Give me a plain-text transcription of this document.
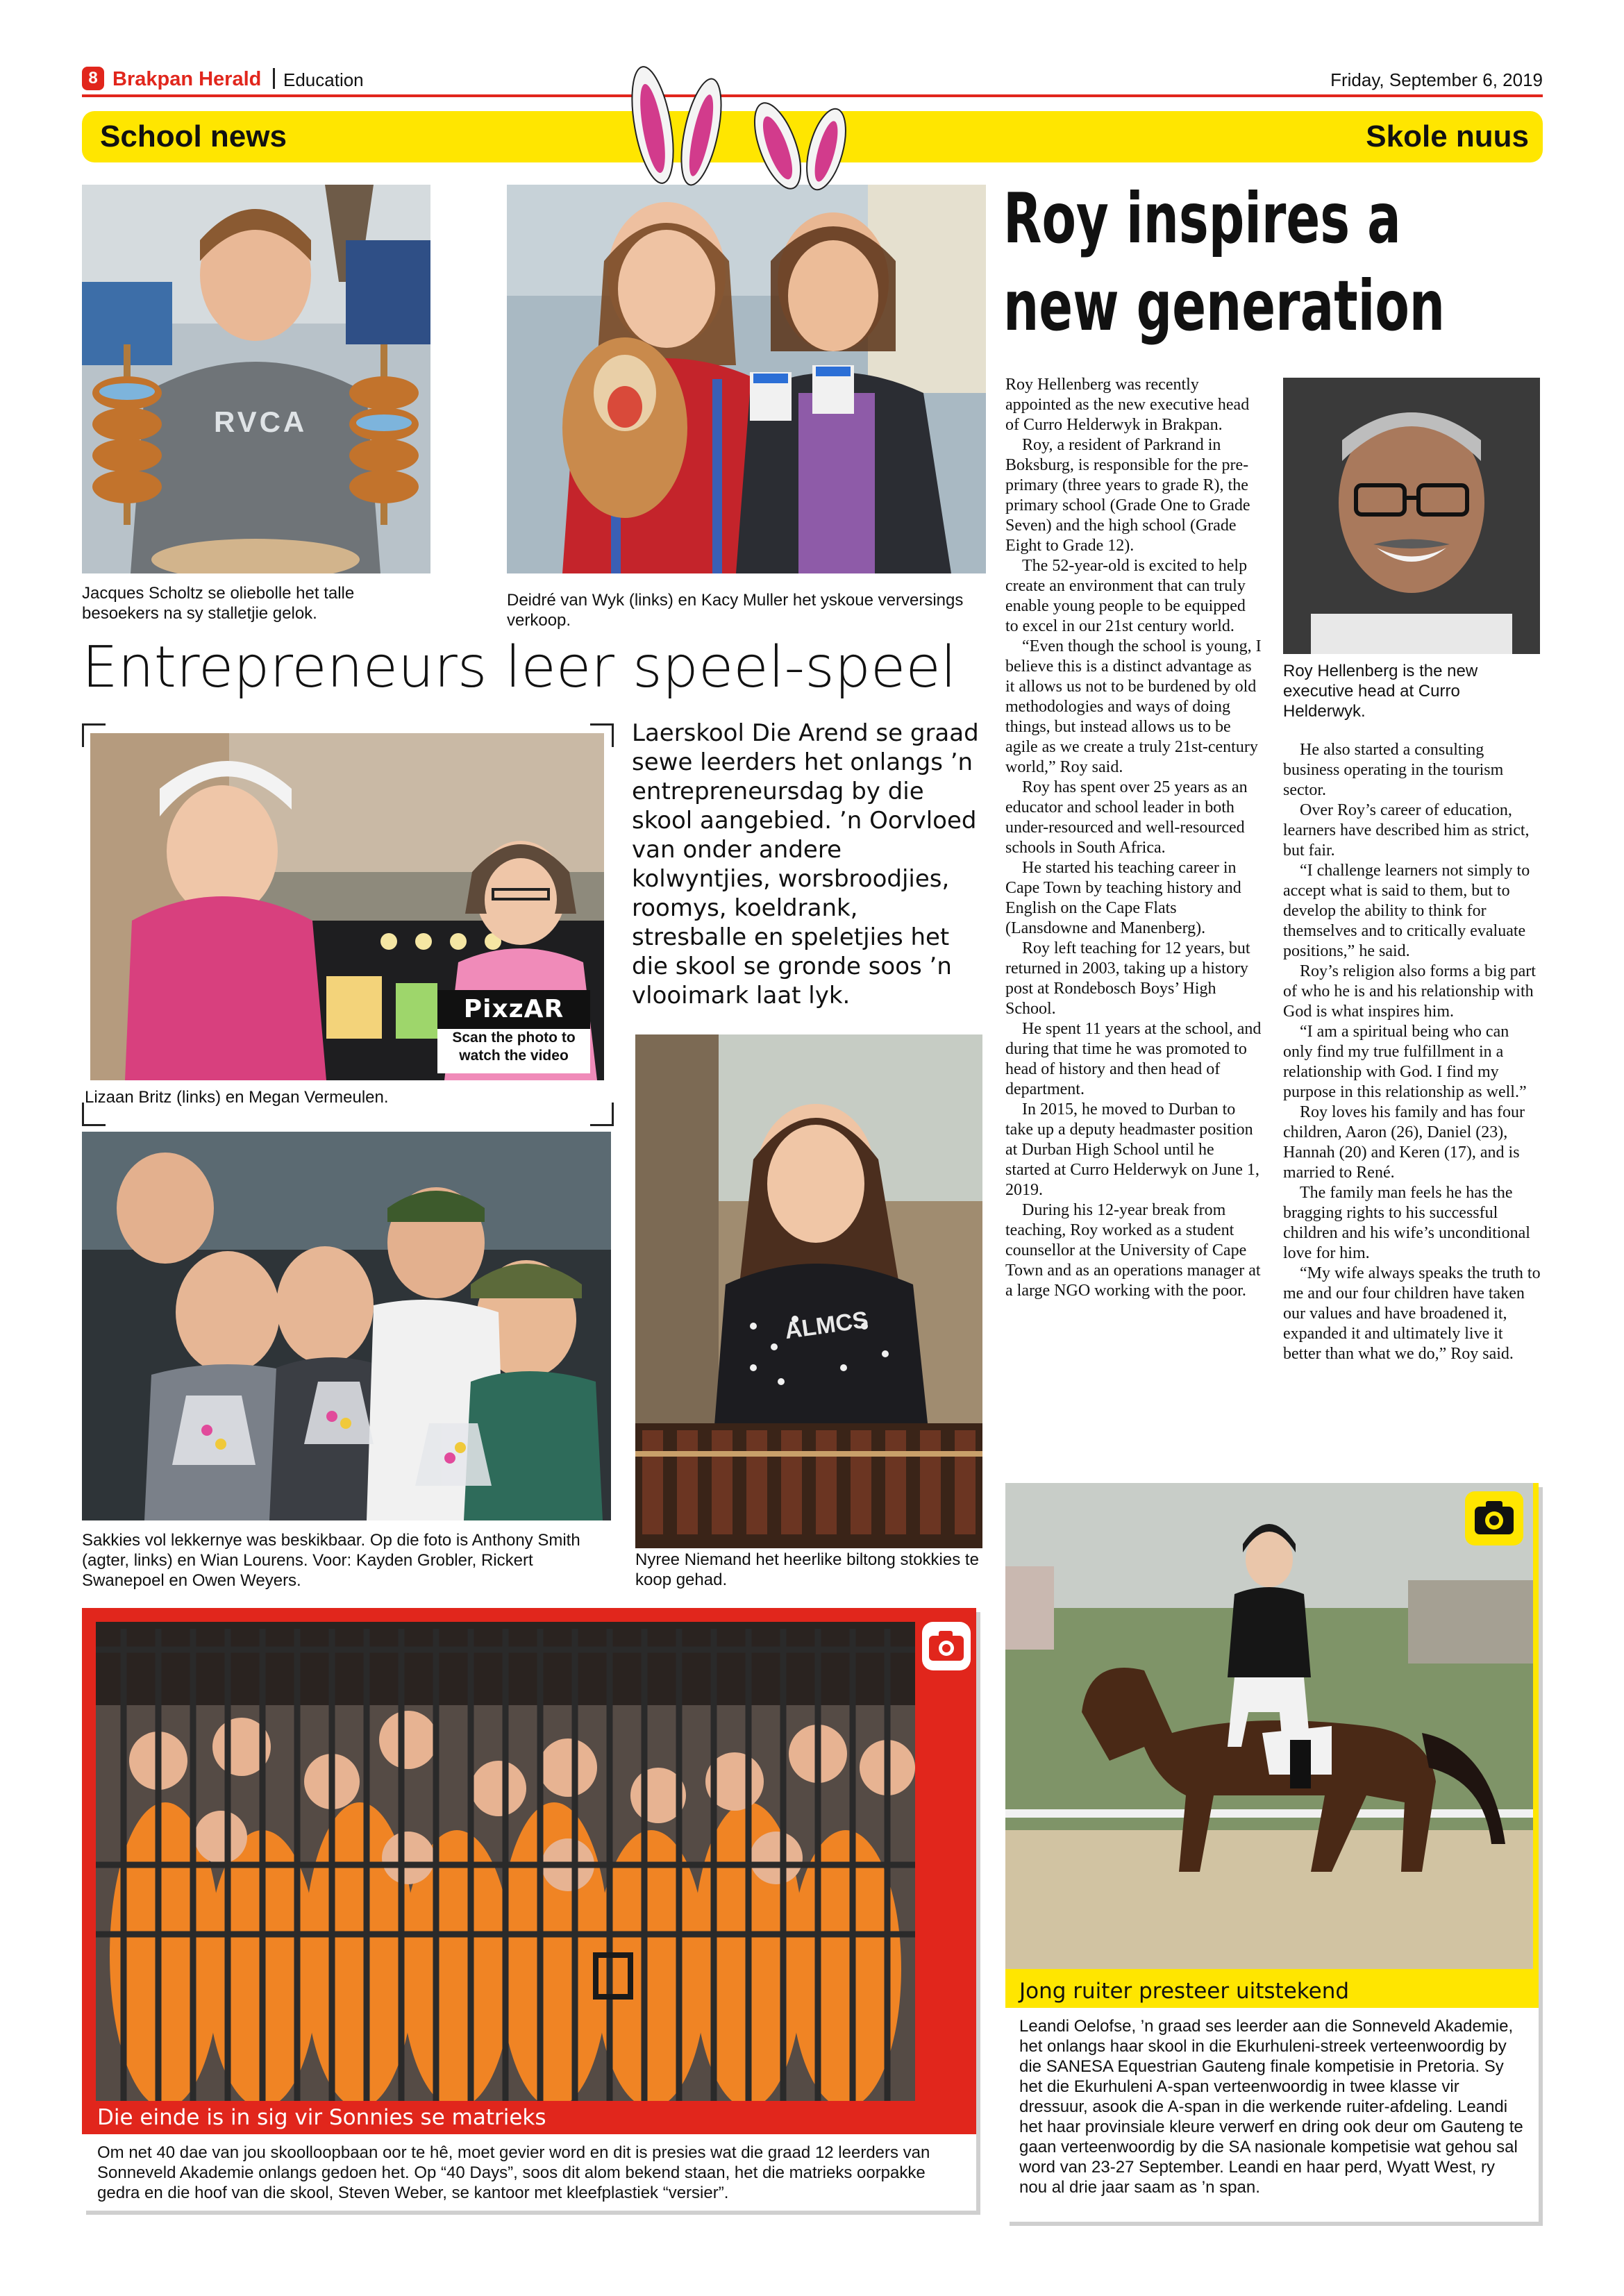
8 Brakpan Herald Education	Friday, September 6, 2019
School news	Skole nuus
RVCA
Jacques Scholtz se oliebolle het talle besoekers na sy stalletjie gelok.
Deidré van Wyk (links) en Kacy Muller het yskoue verversings verkoop.
Entrepreneurs leer speel-speel
PixzAR
Scan the photo to
watch the video
Lizaan Britz (links) en Megan Vermeulen.
Laerskool Die Arend se graad sewe leerders het onlangs ’n entrepreneursdag by die skool aangebied. ’n Oorvloed van onder andere kolwyntjies, worsbroodjies, roomys, koeldrank, stresballe en speletjies het die skool se gronde soos ’n vlooimark laat lyk.
Sakkies vol lekkernye was beskikbaar. Op die foto is Anthony Smith (agter, links) en Wian Lourens. Voor: Kayden Grobler, Rickert Swanepoel en Owen Weyers.
ALMCS
Nyree Niemand het heerlike biltong stokkies te koop gehad.
Roy inspires a
new generation

Roy Hellenberg was recently appointed as the new executive head of Curro Helderwyk in Brakpan.

Roy, a resident of Parkrand in Boksburg, is responsible for the pre-primary (three years to grade R), the primary school (Grade One to Grade Seven) and the high school (Grade Eight to Grade 12).

The 52-year-old is excited to help create an environment that can truly enable young people to be equipped to excel in our 21st century world.

“Even though the school is young, I believe this is a distinct advantage as it allows us not to be burdened by old methodologies and ways of doing things, but instead allows us to be agile as we create a truly 21st-century world,” Roy said.

Roy has spent over 25 years as an educator and school leader in both under-resourced and well-resourced schools in South Africa.

He started his teaching career in Cape Town by teaching history and English on the Cape Flats (Lansdowne and Manenberg).

Roy left teaching for 12 years, but returned in 2003, taking up a history post at Rondebosch Boys’ High School.

He spent 11 years at the school, and during that time he was promoted to head of history and then head of department.

In 2015, he moved to Durban to take up a deputy headmaster position at Durban High School until he started at Curro Helderwyk on June 1, 2019.

During his 12-year break from teaching, Roy worked as a student counsellor at the University of Cape Town and as an operations manager at a large NGO working with the poor.

Roy Hellenberg is the new executive head at Curro Helderwyk.

He also started a consulting business operating in the tourism sector.

Over Roy’s career of education, learners have described him as strict, but fair.

“I challenge learners not simply to accept what is said to them, but to develop the ability to think for themselves and to critically evaluate positions,” he said.

Roy’s religion also forms a big part of who he is and his relationship with God is what inspires him.

“I am a spiritual being who can only find my true fulfillment in a relationship with God. I find my purpose in this relationship as well.”

Roy loves his family and has four children, Aaron (26), Daniel (23), Hannah (20) and Keren (17), and is married to René.

The family man feels he has the bragging rights to his successful children and his wife’s unconditional love for him.

“My wife always speaks the truth to me and our four children have taken our values and have broadened it, expanded it and ultimately live it better than what we do,” Roy said.

Die einde is in sig vir Sonnies se matrieks
Om net 40 dae van jou skoolloopbaan oor te hê, moet gevier word en dit is presies wat die graad 12 leerders van Sonneveld Akademie onlangs gedoen het. Op “40 Days”, soos dit alom bekend staan, het die matrieks oorpakke gedra en die hoof van die skool, Steven Weber, se kantoor met kleefplastiek “versier”.
Jong ruiter presteer uitstekend
Leandi Oelofse, ’n graad ses leerder aan die Sonneveld Akademie, het onlangs haar skool in die Ekurhuleni-streek verteenwoordig by die SANESA Equestrian Gauteng finale kompetisie in Pretoria. Sy het die Ekurhuleni A-span verteenwoordig in twee klasse vir dressuur, asook die A-span in die werkende ruiter-afdeling. Leandi het haar provinsiale kleure verwerf en dring ook deur om Gauteng te gaan verteenwoordig by die SA nasionale kompetisie wat gehou sal word van 23-27 September. Leandi en haar perd, Wyatt West, ry nou al drie jaar saam as ’n span.
